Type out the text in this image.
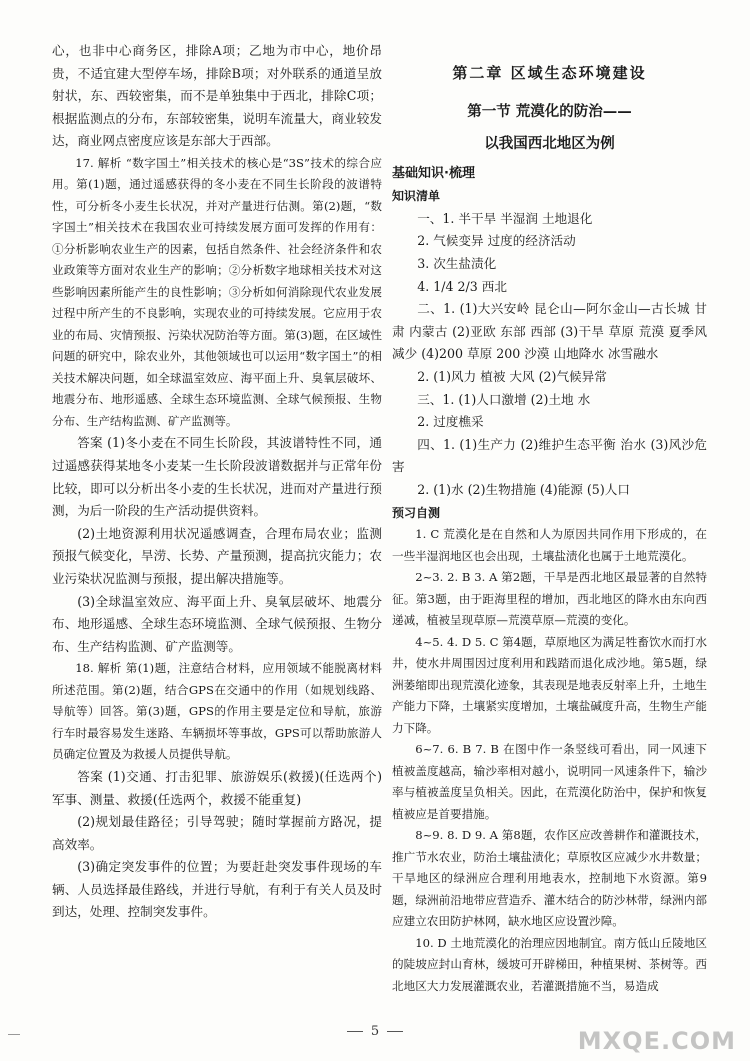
心，也非中心商务区，排除A项；乙地为市中心，地价昂贵，不适宜建大型停车场，排除B项；对外联系的通道呈放射状，东、西较密集，而不是单独集中于西北，排除C项；根据监测点的分布，东部较密集，说明车流量大，商业较发达，商业网点密度应该是东部大于西部。

17. 解析 “数字国土”相关技术的核心是“3S”技术的综合应用。第(1)题，通过遥感获得的冬小麦在不同生长阶段的波谱特性，可分析冬小麦生长状况，并对产量进行估测。第(2)题，“数字国土”相关技术在我国农业可持续发展方面可发挥的作用有：①分析影响农业生产的因素，包括自然条件、社会经济条件和农业政策等方面对农业生产的影响；②分析数字地球相关技术对这些影响因素所能产生的良性影响；③分析如何消除现代农业发展过程中所产生的不良影响，实现农业的可持续发展。它应用于农业的布局、灾情预报、污染状况防治等方面。第(3)题，在区域性问题的研究中，除农业外，其他领域也可以运用“数字国土”的相关技术解决问题，如全球温室效应、海平面上升、臭氧层破坏、地震分布、地形遥感、全球生态环境监测、全球气候预报、生物分布、生产结构监测、矿产监测等。

答案 (1)冬小麦在不同生长阶段，其波谱特性不同，通过遥感获得某地冬小麦某一生长阶段波谱数据并与正常年份比较，即可以分析出冬小麦的生长状况，进而对产量进行预测，为后一阶段的生产活动提供资料。

(2)土地资源利用状况遥感调查，合理布局农业；监测预报气候变化，旱涝、长势、产量预测，提高抗灾能力；农业污染状况监测与预报，提出解决措施等。

(3)全球温室效应、海平面上升、臭氧层破坏、地震分布、地形遥感、全球生态环境监测、全球气候预报、生物分布、生产结构监测、矿产监测等。

18. 解析 第(1)题，注意结合材料，应用领域不能脱离材料所述范围。第(2)题，结合GPS在交通中的作用（如规划线路、导航等）回答。第(3)题，GPS的作用主要是定位和导航，旅游行车时最容易发生迷路、车辆损坏等事故，GPS可以帮助旅游人员确定位置及为救援人员提供导航。

答案 (1)交通、打击犯罪、旅游娱乐(救援)(任选两个) 军事、测量、救援(任选两个，救援不能重复)

(2)规划最佳路径；引导驾驶；随时掌握前方路况，提高效率。

(3)确定突发事件的位置；为要赶赴突发事件现场的车辆、人员选择最佳路线，并进行导航，有利于有关人员及时到达，处理、控制突发事件。

第二章 区域生态环境建设
第一节 荒漠化的防治——
以我国西北地区为例

基础知识·梳理

知识清单

一、1. 半干旱 半湿润 土地退化

2. 气候变异 过度的经济活动

3. 次生盐渍化

4. 1/4 2/3 西北

二、1. (1)大兴安岭 昆仑山—阿尔金山—古长城 甘肃 内蒙古 (2)亚欧 东部 西部 (3)干旱 草原 荒漠 夏季风 减少 (4)200 草原 200 沙漠 山地降水 冰雪融水

2. (1)风力 植被 大风 (2)气候异常

三、1. (1)人口激增 (2)土地 水

2. 过度樵采

四、1. (1)生产力 (2)维护生态平衡 治水 (3)风沙危害

2. (1)水 (2)生物措施 (4)能源 (5)人口

预习自测

1. C 荒漠化是在自然和人为原因共同作用下形成的，在一些半湿润地区也会出现，土壤盐渍化也属于土地荒漠化。

2~3. 2. B 3. A 第2题，干旱是西北地区最显著的自然特征。第3题，由于距海里程的增加，西北地区的降水由东向西递减，植被呈现草原—荒漠草原—荒漠的变化。

4~5. 4. D 5. C 第4题，草原地区为满足牲畜饮水而打水井，使水井周围因过度利用和践踏而退化成沙地。第5题，绿洲萎缩即出现荒漠化迹象，其表现是地表反射率上升，土地生产能力下降，土壤紧实度增加，土壤盐碱度升高，生物生产能力下降。

6~7. 6. B 7. B 在图中作一条竖线可看出，同一风速下植被盖度越高，输沙率相对越小，说明同一风速条件下，输沙率与植被盖度呈负相关。因此，在荒漠化防治中，保护和恢复植被应是首要措施。

8~9. 8. D 9. A 第8题，农作区应改善耕作和灌溉技术，推广节水农业，防治土壤盐渍化；草原牧区应减少水井数量；干旱地区的绿洲应合理利用地表水，控制地下水资源。第9题，绿洲前沿地带应营造乔、灌木结合的防沙林带，绿洲内部应建立农田防护林网，缺水地区应设置沙障。

10. D 土地荒漠化的治理应因地制宜。南方低山丘陵地区的陡坡应封山育林，缓坡可开辟梯田，种植果树、茶树等。西北地区大力发展灌溉农业，若灌溉措施不当，易造成

5	MXQE.COM
